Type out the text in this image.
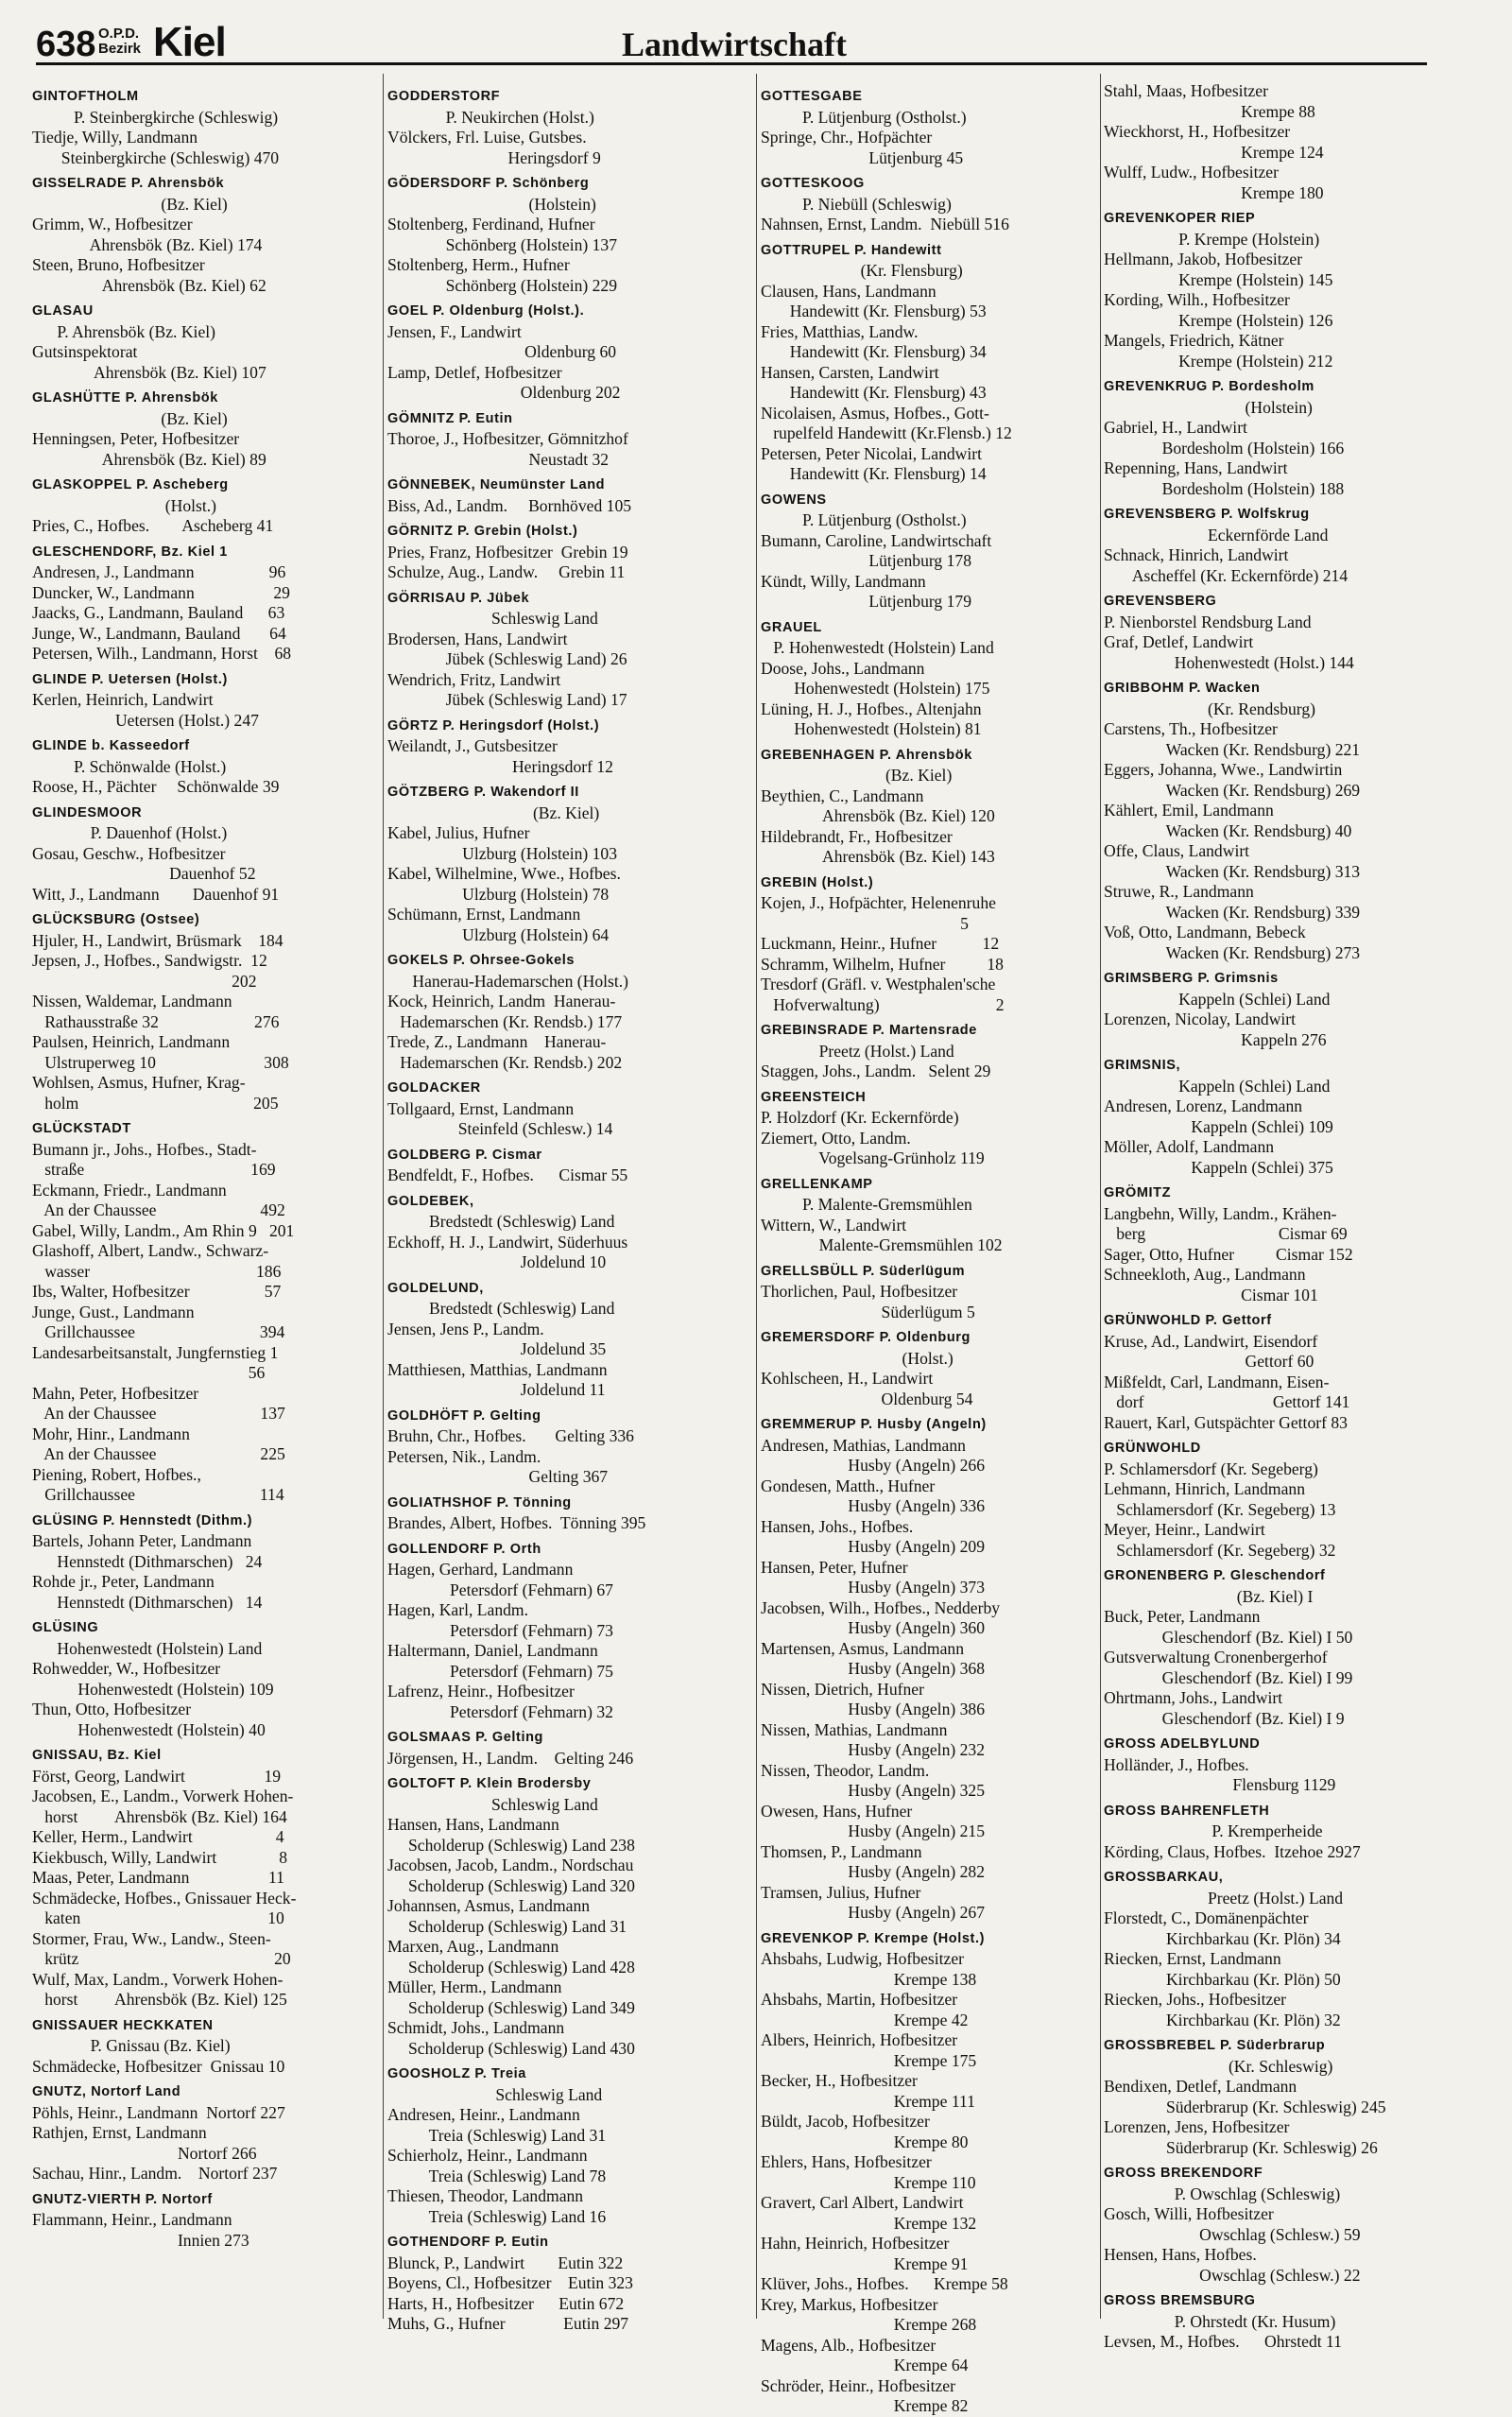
638 O.P.D.
Bezirk Kiel	Landwirtschaft
GINTOFTHOLM
P. Steinbergkirche (Schleswig)
Tiedje, Willy, Landmann
Steinbergkirche (Schleswig) 470
GISSELRADE P. Ahrensbök
(Bz. Kiel)
Grimm, W., Hofbesitzer
Ahrensbök (Bz. Kiel) 174
Steen, Bruno, Hofbesitzer
Ahrensbök (Bz. Kiel) 62
GLASAU
P. Ahrensbök (Bz. Kiel)
Gutsinspektorat
Ahrensbök (Bz. Kiel) 107
GLASHÜTTE P. Ahrensbök
(Bz. Kiel)
Henningsen, Peter, Hofbesitzer
Ahrensbök (Bz. Kiel) 89
GLASKOPPEL P. Ascheberg
(Holst.)
Pries, C., Hofbes.        Ascheberg 41
GLESCHENDORF, Bz. Kiel 1
Andresen, J., Landmann                  96
Duncker, W., Landmann                   29
Jaacks, G., Landmann, Bauland      63
Junge, W., Landmann, Bauland       64
Petersen, Wilh., Landmann, Horst    68
GLINDE P. Uetersen (Holst.)
Kerlen, Heinrich, Landwirt
Uetersen (Holst.) 247
GLINDE b. Kasseedorf
P. Schönwalde (Holst.)
Roose, H., Pächter     Schönwalde 39
GLINDESMOOR
P. Dauenhof (Holst.)
Gosau, Geschw., Hofbesitzer
Dauenhof 52
Witt, J., Landmann        Dauenhof 91
GLÜCKSBURG (Ostsee)
Hjuler, H., Landwirt, Brüsmark    184
Jepsen, J., Hofbes., Sandwigstr.  12
202
Nissen, Waldemar, Landmann
Rathausstraße 32                       276
Paulsen, Heinrich, Landmann
Ulstruperweg 10                          308
Wohlsen, Asmus, Hufner, Krag-
holm                                          205
GLÜCKSTADT
Bumann jr., Johs., Hofbes., Stadt-
straße                                        169
Eckmann, Friedr., Landmann
An der Chaussee                         492
Gabel, Willy, Landm., Am Rhin 9   201
Glashoff, Albert, Landw., Schwarz-
wasser                                        186
Ibs, Walter, Hofbesitzer                  57
Junge, Gust., Landmann
Grillchaussee                              394
Landesarbeitsanstalt, Jungfernstieg 1
56
Mahn, Peter, Hofbesitzer
An der Chaussee                         137
Mohr, Hinr., Landmann
An der Chaussee                         225
Piening, Robert, Hofbes.,
Grillchaussee                              114
GLÜSING P. Hennstedt (Dithm.)
Bartels, Johann Peter, Landmann
Hennstedt (Dithmarschen)   24
Rohde jr., Peter, Landmann
Hennstedt (Dithmarschen)   14
GLÜSING
Hohenwestedt (Holstein) Land
Rohwedder, W., Hofbesitzer
Hohenwestedt (Holstein) 109
Thun, Otto, Hofbesitzer
Hohenwestedt (Holstein) 40
GNISSAU, Bz. Kiel
Först, Georg, Landwirt                   19
Jacobsen, E., Landm., Vorwerk Hohen-
horst         Ahrensbök (Bz. Kiel) 164
Keller, Herm., Landwirt                    4
Kiekbusch, Willy, Landwirt               8
Maas, Peter, Landmann                   11
Schmädecke, Hofbes., Gnissauer Heck-
katen                                             10
Stormer, Frau, Ww., Landw., Steen-
krütz                                               20
Wulf, Max, Landm., Vorwerk Hohen-
horst         Ahrensbök (Bz. Kiel) 125
GNISSAUER HECKKATEN
P. Gnissau (Bz. Kiel)
Schmädecke, Hofbesitzer  Gnissau 10
GNUTZ, Nortorf Land
Pöhls, Heinr., Landmann  Nortorf 227
Rathjen, Ernst, Landmann
Nortorf 266
Sachau, Hinr., Landm.    Nortorf 237
GNUTZ-VIERTH P. Nortorf
Flammann, Heinr., Landmann
Innien 273
GODDERSTORF
P. Neukirchen (Holst.)
Völckers, Frl. Luise, Gutsbes.
Heringsdorf 9
GÖDERSDORF P. Schönberg
(Holstein)
Stoltenberg, Ferdinand, Hufner
Schönberg (Holstein) 137
Stoltenberg, Herm., Hufner
Schönberg (Holstein) 229
GOEL P. Oldenburg (Holst.).
Jensen, F., Landwirt
Oldenburg 60
Lamp, Detlef, Hofbesitzer
Oldenburg 202
GÖMNITZ P. Eutin
Thoroe, J., Hofbesitzer, Gömnitzhof
Neustadt 32
GÖNNEBEK, Neumünster Land
Biss, Ad., Landm.     Bornhöved 105
GÖRNITZ P. Grebin (Holst.)
Pries, Franz, Hofbesitzer  Grebin 19
Schulze, Aug., Landw.     Grebin 11
GÖRRISAU P. Jübek
Schleswig Land
Brodersen, Hans, Landwirt
Jübek (Schleswig Land) 26
Wendrich, Fritz, Landwirt
Jübek (Schleswig Land) 17
GÖRTZ P. Heringsdorf (Holst.)
Weilandt, J., Gutsbesitzer
Heringsdorf 12
GÖTZBERG P. Wakendorf II
(Bz. Kiel)
Kabel, Julius, Hufner
Ulzburg (Holstein) 103
Kabel, Wilhelmine, Wwe., Hofbes.
Ulzburg (Holstein) 78
Schümann, Ernst, Landmann
Ulzburg (Holstein) 64
GOKELS P. Ohrsee-Gokels
Hanerau-Hademarschen (Holst.)
Kock, Heinrich, Landm  Hanerau-
Hademarschen (Kr. Rendsb.) 177
Trede, Z., Landmann    Hanerau-
Hademarschen (Kr. Rendsb.) 202
GOLDACKER
Tollgaard, Ernst, Landmann
Steinfeld (Schlesw.) 14
GOLDBERG P. Cismar
Bendfeldt, F., Hofbes.      Cismar 55
GOLDEBEK,
Bredstedt (Schleswig) Land
Eckhoff, H. J., Landwirt, Süderhuus
Joldelund 10
GOLDELUND,
Bredstedt (Schleswig) Land
Jensen, Jens P., Landm.
Joldelund 35
Matthiesen, Matthias, Landmann
Joldelund 11
GOLDHÖFT P. Gelting
Bruhn, Chr., Hofbes.       Gelting 336
Petersen, Nik., Landm.
Gelting 367
GOLIATHSHOF P. Tönning
Brandes, Albert, Hofbes.  Tönning 395
GOLLENDORF P. Orth
Hagen, Gerhard, Landmann
Petersdorf (Fehmarn) 67
Hagen, Karl, Landm.
Petersdorf (Fehmarn) 73
Haltermann, Daniel, Landmann
Petersdorf (Fehmarn) 75
Lafrenz, Heinr., Hofbesitzer
Petersdorf (Fehmarn) 32
GOLSMAAS P. Gelting
Jörgensen, H., Landm.    Gelting 246
GOLTOFT P. Klein Brodersby
Schleswig Land
Hansen, Hans, Landmann
Scholderup (Schleswig) Land 238
Jacobsen, Jacob, Landm., Nordschau
Scholderup (Schleswig) Land 320
Johannsen, Asmus, Landmann
Scholderup (Schleswig) Land 31
Marxen, Aug., Landmann
Scholderup (Schleswig) Land 428
Müller, Herm., Landmann
Scholderup (Schleswig) Land 349
Schmidt, Johs., Landmann
Scholderup (Schleswig) Land 430
GOOSHOLZ P. Treia
Schleswig Land
Andresen, Heinr., Landmann
Treia (Schleswig) Land 31
Schierholz, Heinr., Landmann
Treia (Schleswig) Land 78
Thiesen, Theodor, Landmann
Treia (Schleswig) Land 16
GOTHENDORF P. Eutin
Blunck, P., Landwirt        Eutin 322
Boyens, Cl., Hofbesitzer    Eutin 323
Harts, H., Hofbesitzer      Eutin 672
Muhs, G., Hufner              Eutin 297
GOTTESGABE
P. Lütjenburg (Ostholst.)
Springe, Chr., Hofpächter
Lütjenburg 45
GOTTESKOOG
P. Niebüll (Schleswig)
Nahnsen, Ernst, Landm.  Niebüll 516
GOTTRUPEL P. Handewitt
(Kr. Flensburg)
Clausen, Hans, Landmann
Handewitt (Kr. Flensburg) 53
Fries, Matthias, Landw.
Handewitt (Kr. Flensburg) 34
Hansen, Carsten, Landwirt
Handewitt (Kr. Flensburg) 43
Nicolaisen, Asmus, Hofbes., Gott-
rupelfeld Handewitt (Kr.Flensb.) 12
Petersen, Peter Nicolai, Landwirt
Handewitt (Kr. Flensburg) 14
GOWENS
P. Lütjenburg (Ostholst.)
Bumann, Caroline, Landwirtschaft
Lütjenburg 178
Kündt, Willy, Landmann
Lütjenburg 179
GRAUEL
P. Hohenwestedt (Holstein) Land
Doose, Johs., Landmann
Hohenwestedt (Holstein) 175
Lüning, H. J., Hofbes., Altenjahn
Hohenwestedt (Holstein) 81
GREBENHAGEN P. Ahrensbök
(Bz. Kiel)
Beythien, C., Landmann
Ahrensbök (Bz. Kiel) 120
Hildebrandt, Fr., Hofbesitzer
Ahrensbök (Bz. Kiel) 143
GREBIN (Holst.)
Kojen, J., Hofpächter, Helenenruhe
5
Luckmann, Heinr., Hufner           12
Schramm, Wilhelm, Hufner          18
Tresdorf (Gräfl. v. Westphalen'sche
Hofverwaltung)                            2
GREBINSRADE P. Martensrade
Preetz (Holst.) Land
Staggen, Johs., Landm.   Selent 29
GREENSTEICH
P. Holzdorf (Kr. Eckernförde)
Ziemert, Otto, Landm.
Vogelsang-Grünholz 119
GRELLENKAMP
P. Malente-Gremsmühlen
Wittern, W., Landwirt
Malente-Gremsmühlen 102
GRELLSBÜLL P. Süderlügum
Thorlichen, Paul, Hofbesitzer
Süderlügum 5
GREMERSDORF P. Oldenburg
(Holst.)
Kohlscheen, H., Landwirt
Oldenburg 54
GREMMERUP P. Husby (Angeln)
Andresen, Mathias, Landmann
Husby (Angeln) 266
Gondesen, Matth., Hufner
Husby (Angeln) 336
Hansen, Johs., Hofbes.
Husby (Angeln) 209
Hansen, Peter, Hufner
Husby (Angeln) 373
Jacobsen, Wilh., Hofbes., Nedderby
Husby (Angeln) 360
Martensen, Asmus, Landmann
Husby (Angeln) 368
Nissen, Dietrich, Hufner
Husby (Angeln) 386
Nissen, Mathias, Landmann
Husby (Angeln) 232
Nissen, Theodor, Landm.
Husby (Angeln) 325
Owesen, Hans, Hufner
Husby (Angeln) 215
Thomsen, P., Landmann
Husby (Angeln) 282
Tramsen, Julius, Hufner
Husby (Angeln) 267
GREVENKOP P. Krempe (Holst.)
Ahsbahs, Ludwig, Hofbesitzer
Krempe 138
Ahsbahs, Martin, Hofbesitzer
Krempe 42
Albers, Heinrich, Hofbesitzer
Krempe 175
Becker, H., Hofbesitzer
Krempe 111
Büldt, Jacob, Hofbesitzer
Krempe 80
Ehlers, Hans, Hofbesitzer
Krempe 110
Gravert, Carl Albert, Landwirt
Krempe 132
Hahn, Heinrich, Hofbesitzer
Krempe 91
Klüver, Johs., Hofbes.      Krempe 58
Krey, Markus, Hofbesitzer
Krempe 268
Magens, Alb., Hofbesitzer
Krempe 64
Schröder, Heinr., Hofbesitzer
Krempe 82
Stahl, Maas, Hofbesitzer
Krempe 88
Wieckhorst, H., Hofbesitzer
Krempe 124
Wulff, Ludw., Hofbesitzer
Krempe 180
GREVENKOPER RIEP
P. Krempe (Holstein)
Hellmann, Jakob, Hofbesitzer
Krempe (Holstein) 145
Kording, Wilh., Hofbesitzer
Krempe (Holstein) 126
Mangels, Friedrich, Kätner
Krempe (Holstein) 212
GREVENKRUG P. Bordesholm
(Holstein)
Gabriel, H., Landwirt
Bordesholm (Holstein) 166
Repenning, Hans, Landwirt
Bordesholm (Holstein) 188
GREVENSBERG P. Wolfskrug
Eckernförde Land
Schnack, Hinrich, Landwirt
Ascheffel (Kr. Eckernförde) 214
GREVENSBERG
P. Nienborstel Rendsburg Land
Graf, Detlef, Landwirt
Hohenwestedt (Holst.) 144
GRIBBOHM P. Wacken
(Kr. Rendsburg)
Carstens, Th., Hofbesitzer
Wacken (Kr. Rendsburg) 221
Eggers, Johanna, Wwe., Landwirtin
Wacken (Kr. Rendsburg) 269
Kählert, Emil, Landmann
Wacken (Kr. Rendsburg) 40
Offe, Claus, Landwirt
Wacken (Kr. Rendsburg) 313
Struwe, R., Landmann
Wacken (Kr. Rendsburg) 339
Voß, Otto, Landmann, Bebeck
Wacken (Kr. Rendsburg) 273
GRIMSBERG P. Grimsnis
Kappeln (Schlei) Land
Lorenzen, Nicolay, Landwirt
Kappeln 276
GRIMSNIS,
Kappeln (Schlei) Land
Andresen, Lorenz, Landmann
Kappeln (Schlei) 109
Möller, Adolf, Landmann
Kappeln (Schlei) 375
GRÖMITZ
Langbehn, Willy, Landm., Krähen-
berg                                Cismar 69
Sager, Otto, Hufner          Cismar 152
Schneekloth, Aug., Landmann
Cismar 101
GRÜNWOHLD P. Gettorf
Kruse, Ad., Landwirt, Eisendorf
Gettorf 60
Mißfeldt, Carl, Landmann, Eisen-
dorf                               Gettorf 141
Rauert, Karl, Gutspächter Gettorf 83
GRÜNWOHLD
P. Schlamersdorf (Kr. Segeberg)
Lehmann, Hinrich, Landmann
Schlamersdorf (Kr. Segeberg) 13
Meyer, Heinr., Landwirt
Schlamersdorf (Kr. Segeberg) 32
GRONENBERG P. Gleschendorf
(Bz. Kiel) I
Buck, Peter, Landmann
Gleschendorf (Bz. Kiel) I 50
Gutsverwaltung Cronenbergerhof
Gleschendorf (Bz. Kiel) I 99
Ohrtmann, Johs., Landwirt
Gleschendorf (Bz. Kiel) I 9
GROSS ADELBYLUND
Holländer, J., Hofbes.
Flensburg 1129
GROSS BAHRENFLETH
P. Kremperheide
Körding, Claus, Hofbes.  Itzehoe 2927
GROSSBARKAU,
Preetz (Holst.) Land
Florstedt, C., Domänenpächter
Kirchbarkau (Kr. Plön) 34
Riecken, Ernst, Landmann
Kirchbarkau (Kr. Plön) 50
Riecken, Johs., Hofbesitzer
Kirchbarkau (Kr. Plön) 32
GROSSBREBEL P. Süderbrarup
(Kr. Schleswig)
Bendixen, Detlef, Landmann
Süderbrarup (Kr. Schleswig) 245
Lorenzen, Jens, Hofbesitzer
Süderbrarup (Kr. Schleswig) 26
GROSS BREKENDORF
P. Owschlag (Schleswig)
Gosch, Willi, Hofbesitzer
Owschlag (Schlesw.) 59
Hensen, Hans, Hofbes.
Owschlag (Schlesw.) 22
GROSS BREMSBURG
P. Ohrstedt (Kr. Husum)
Levsen, M., Hofbes.      Ohrstedt 11
